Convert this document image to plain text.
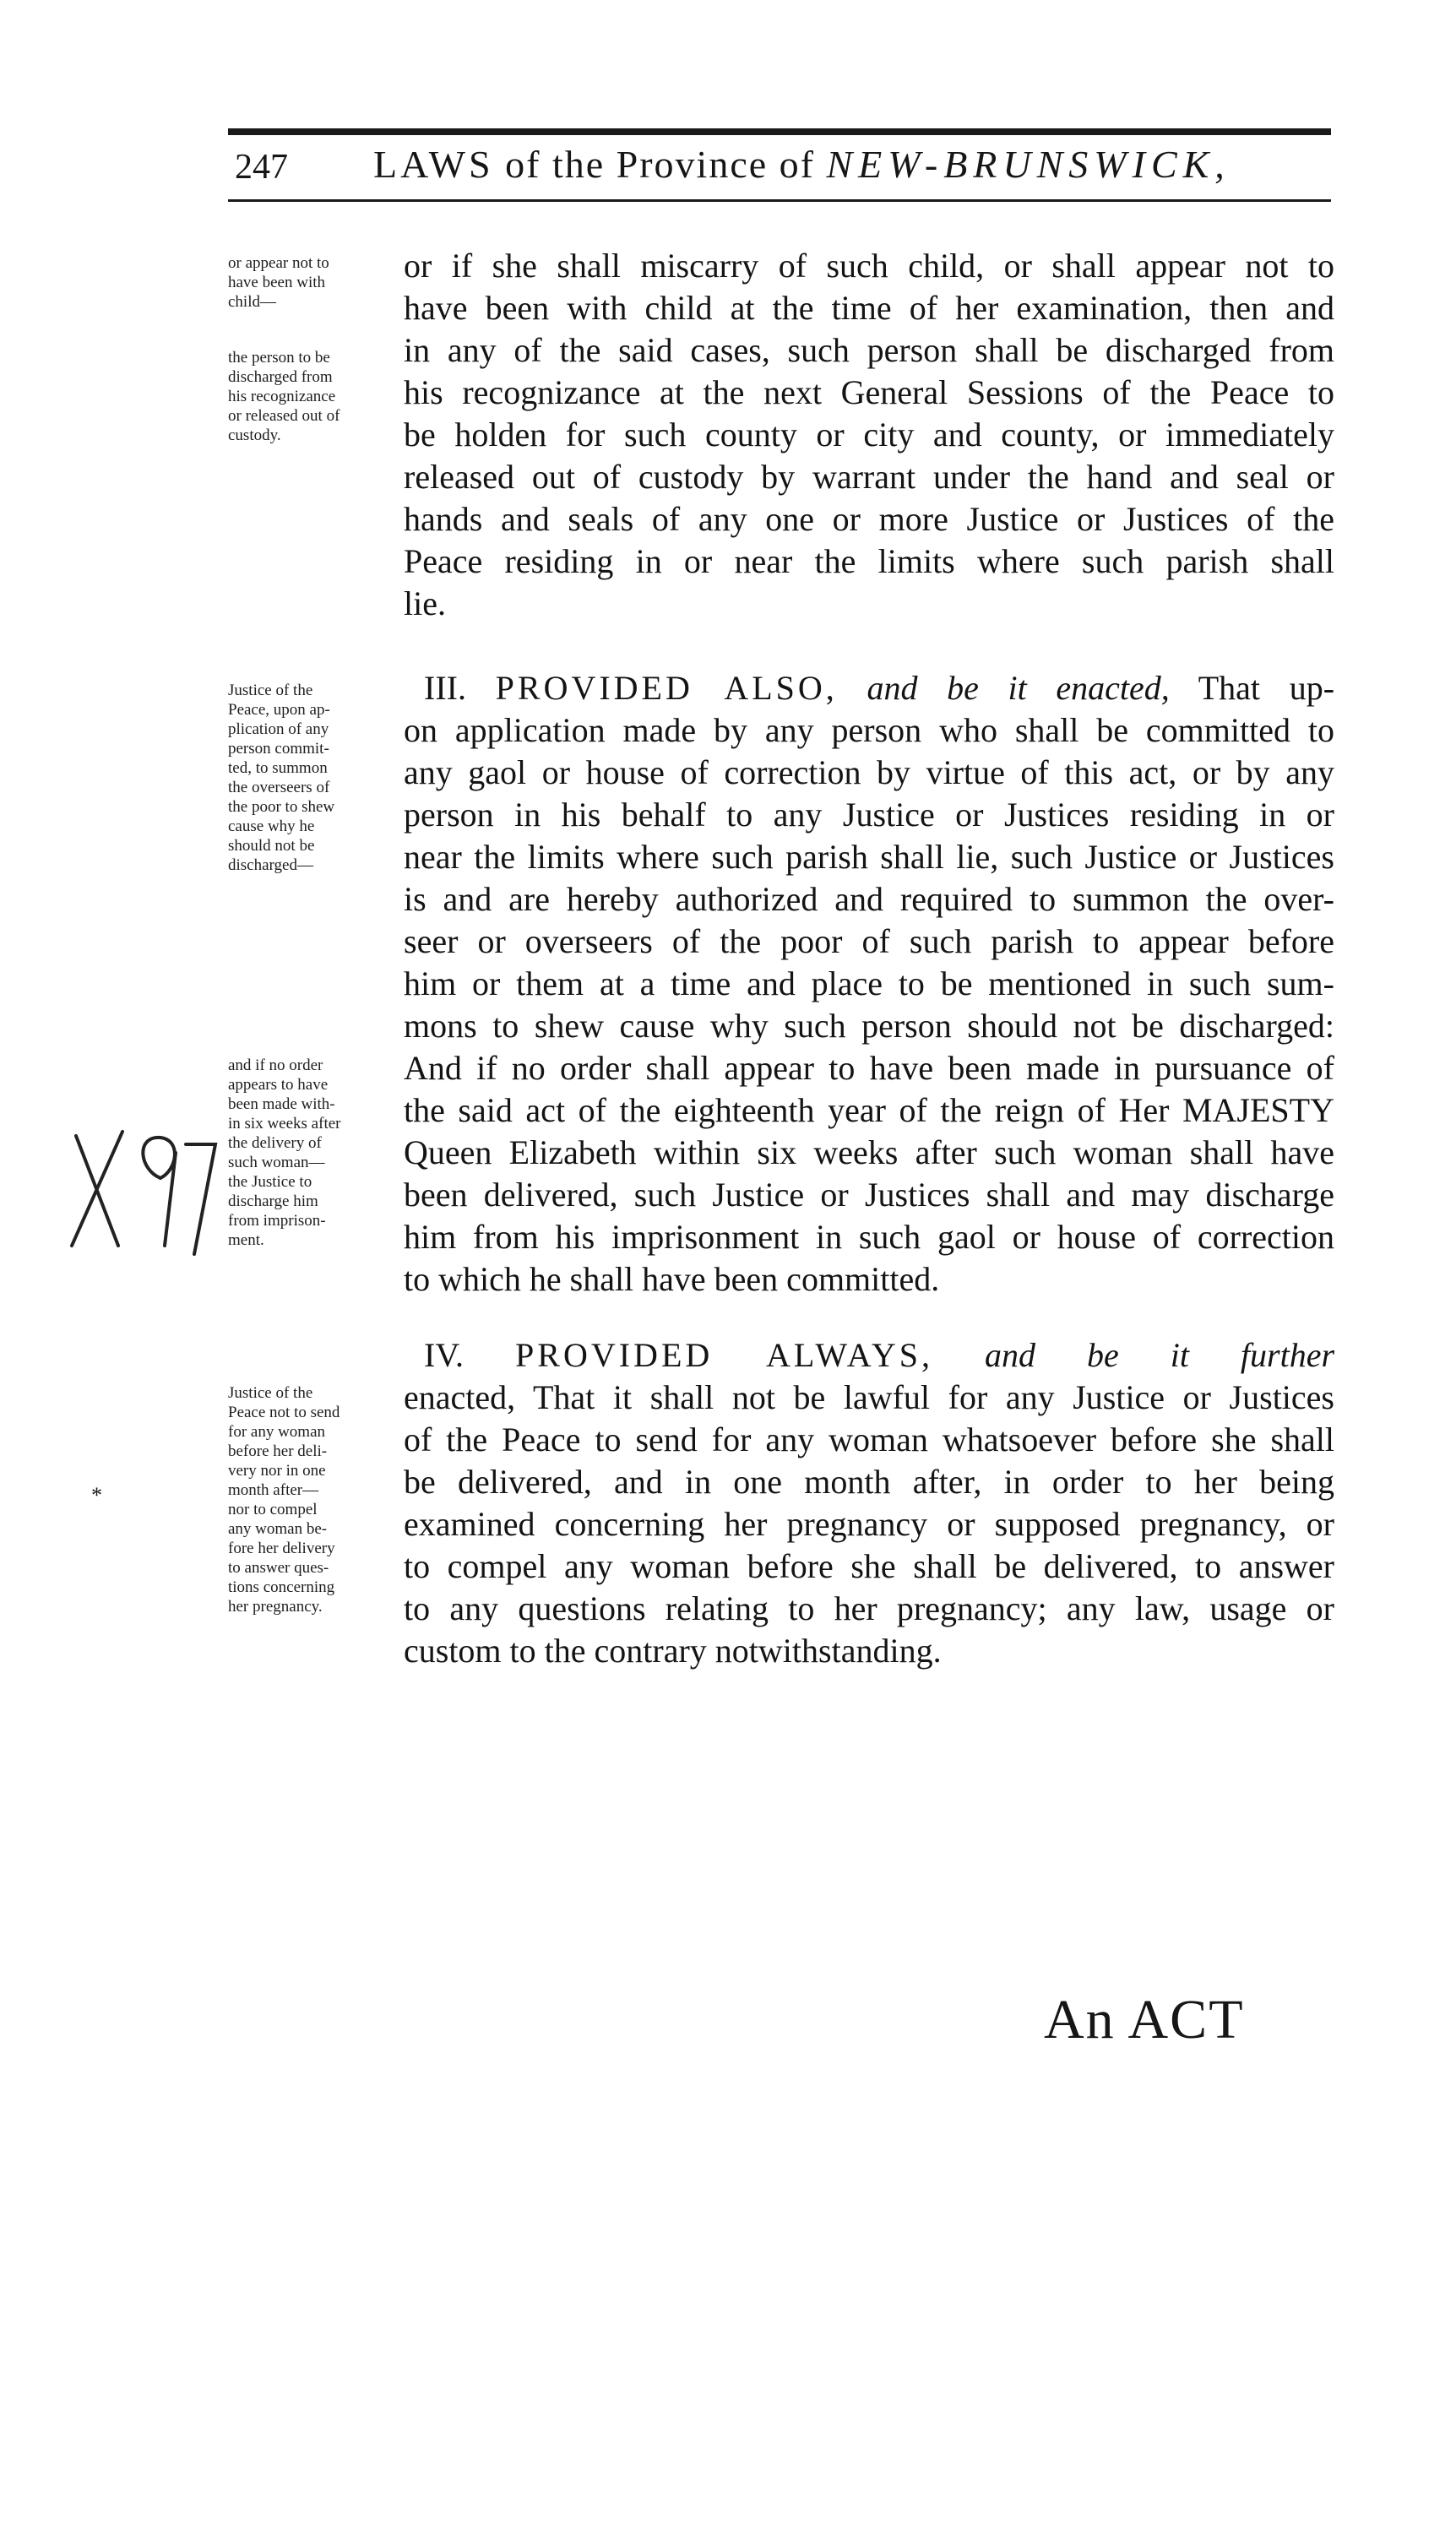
247 LAWS of the Province of NEW-BRUNSWICK,
or appear not to
have been with
child—
the person to be
discharged from
his recognizance
or released out of
custody.
or if she shall miscarry of such child, or shall appear not to
have been with child at the time of her examination, then and
in any of the said cases, such person shall be discharged from
his recognizance at the next General Sessions of the Peace to
be holden for such county or city and county, or immediately
released out of custody by warrant under the hand and seal or
hands and seals of any one or more Justice or Justices of the
Peace residing in or near the limits where such parish shall
lie.
Justice of the
Peace, upon ap-
plication of any
person commit-
ted, to summon
the overseers of
the poor to shew
cause why he
should not be
discharged—
and if no order
appears to have
been made with-
in six weeks after
the delivery of
such woman—
the Justice to
discharge him
from imprison-
ment.
III. PROVIDED ALSO, and be it enacted, That up-
on application made by any person who shall be committed to
any gaol or house of correction by virtue of this act, or by any
person in his behalf to any Justice or Justices residing in or
near the limits where such parish shall lie, such Justice or Justices
is and are hereby authorized and required to summon the over-
seer or overseers of the poor of such parish to appear before
him or them at a time and place to be mentioned in such sum-
mons to shew cause why such person should not be discharged:
And if no order shall appear to have been made in pursuance of
the said act of the eighteenth year of the reign of Her MAJESTY
Queen Elizabeth within six weeks after such woman shall have
been delivered, such Justice or Justices shall and may discharge
him from his imprisonment in such gaol or house of correction
to which he shall have been committed.
Justice of the
Peace not to send
for any woman
before her deli-
very nor in one
month after—
nor to compel
any woman be-
fore her delivery
to answer ques-
tions concerning
her pregnancy.
IV. PROVIDED ALWAYS, and be it further
enacted, That it shall not be lawful for any Justice or Justices
of the Peace to send for any woman whatsoever before she shall
be delivered, and in one month after, in order to her being
examined concerning her pregnancy or supposed pregnancy, or
to compel any woman before she shall be delivered, to answer
to any questions relating to her pregnancy; any law, usage or
custom to the contrary notwithstanding.
*
An ACT
